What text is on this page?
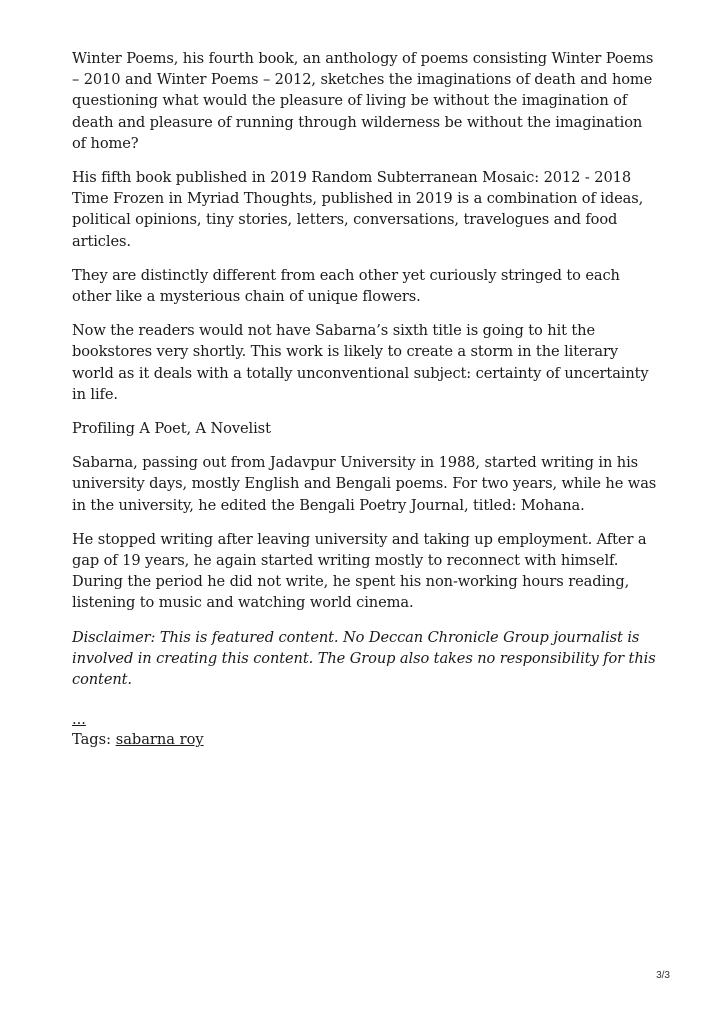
Winter Poems, his fourth book, an anthology of poems consisting Winter Poems – 2010 and Winter Poems – 2012, sketches the imaginations of death and home questioning what would the pleasure of living be without the imagination of death and pleasure of running through wilderness be without the imagination of home?

His fifth book published in 2019 Random Subterranean Mosaic: 2012 - 2018 Time Frozen in Myriad Thoughts, published in 2019 is a combination of ideas, political opinions, tiny stories, letters, conversations, travelogues and food articles.

They are distinctly different from each other yet curiously stringed to each other like a mysterious chain of unique flowers.

Now the readers would not have Sabarna’s sixth title is going to hit the bookstores very shortly. This work is likely to create a storm in the literary world as it deals with a totally unconventional subject: certainty of uncertainty in life.

Profiling A Poet, A Novelist

Sabarna, passing out from Jadavpur University in 1988, started writing in his university days, mostly English and Bengali poems. For two years, while he was in the university, he edited the Bengali Poetry Journal, titled: Mohana.

He stopped writing after leaving university and taking up employment. After a gap of 19 years, he again started writing mostly to reconnect with himself. During the period he did not write, he spent his non-working hours reading, listening to music and watching world cinema.

Disclaimer: This is featured content. No Deccan Chronicle Group journalist is involved in creating this content. The Group also takes no responsibility for this content.

...
Tags: sabarna roy
3/3
